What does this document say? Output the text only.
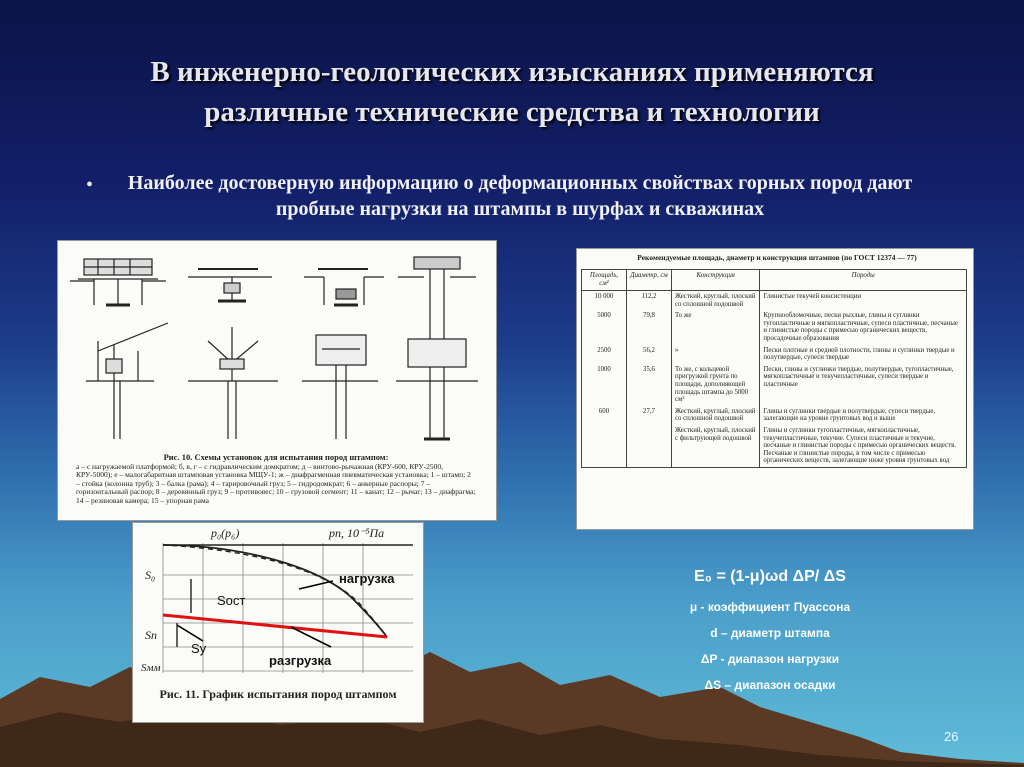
В инженерно-геологических изысканиях применяются
различные технические средства и технологии
•	Наиболее достоверную информацию о деформационных свойствах горных пород дают пробные нагрузки на штампы в шурфах и скважинах
Рис. 10. Схемы установок для испытания пород штампом:
а – с нагружаемой платформой; б, в, г – с гидравлическим домкратом; д – винтово-рычажная (КРУ-600, КРУ-2500, КРУ-5000); е – малогабаритная штамповая установка МЩУ-1; ж – диафрагменная пневматическая установка; 1 – штамп; 2 – стойка (колонна труб); 3 – балка (рама); 4 – тарировочный груз; 5 – гидродомкрат; 6 – анкерные распоры; 7 – горизонтальный распор; 8 – деревянный груз; 9 – противовес; 10 – грузовой сегмент; 11 – канат; 12 – рычаг; 13 – диафрагма; 14 – резиновая камера; 15 – упорная рама
Рекомендуемые площадь, диаметр и конструкция штампов (по ГОСТ 12374 — 77)
Площадь, см²	Диаметр, см	Конструкция	Породы
10 000	112,2	Жесткий, круглый, плоский со сплошной подошвой	Глинистые текучей консистенции
5000	79,8	То же	Крупнообломочные, пески рыхлые, глины и суглинки тугопластичные и мягкопластичные, супеси пластичные, песчаные и глинистые породы с примесью органических веществ, просадочные образования
2500	56,2	»	Пески плотные и средней плотности, глины и суглинки твердые и полутвердые, супеси твердые
1000	35,6	То же, с кольцевой пригрузкой грунта по площади, дополняющей площадь штампа до 5000 см²	Пески, глины и суглинки твердые, полутвердые, тугопластичные, мягкопластичные и текучепластичные, супеси твердые и пластичные
600	27,7	Жесткий, круглый, плоский со сплошной подошвой	Глины и суглинки твердые и полутвердые, супеси твердые, залегающие на уровне грунтовых вод и выше
		Жесткий, круглый, плоский с фильтрующей подошвой	Глины и суглинки тугопластичные, мягкопластичные, текучепластичные, текучие. Супеси пластичные и текучие, песчаные и глинистые породы с примесью органических веществ. Песчаные и глинистые породы, в том числе с примесью органических веществ, залегающие ниже уровня грунтовых вод
p₀(p₆)	pп, 10⁻⁵Па
S₀
Sп
Sмм
Sост
Sу
нагрузка
разгрузка
Рис. 11. График испытания пород штампом
E₀ = (1-μ)ωd ΔP/ ΔS
μ - коэффициент Пуассона
d – диаметр штампа
ΔP - диапазон нагрузки
ΔS – диапазон осадки
26
